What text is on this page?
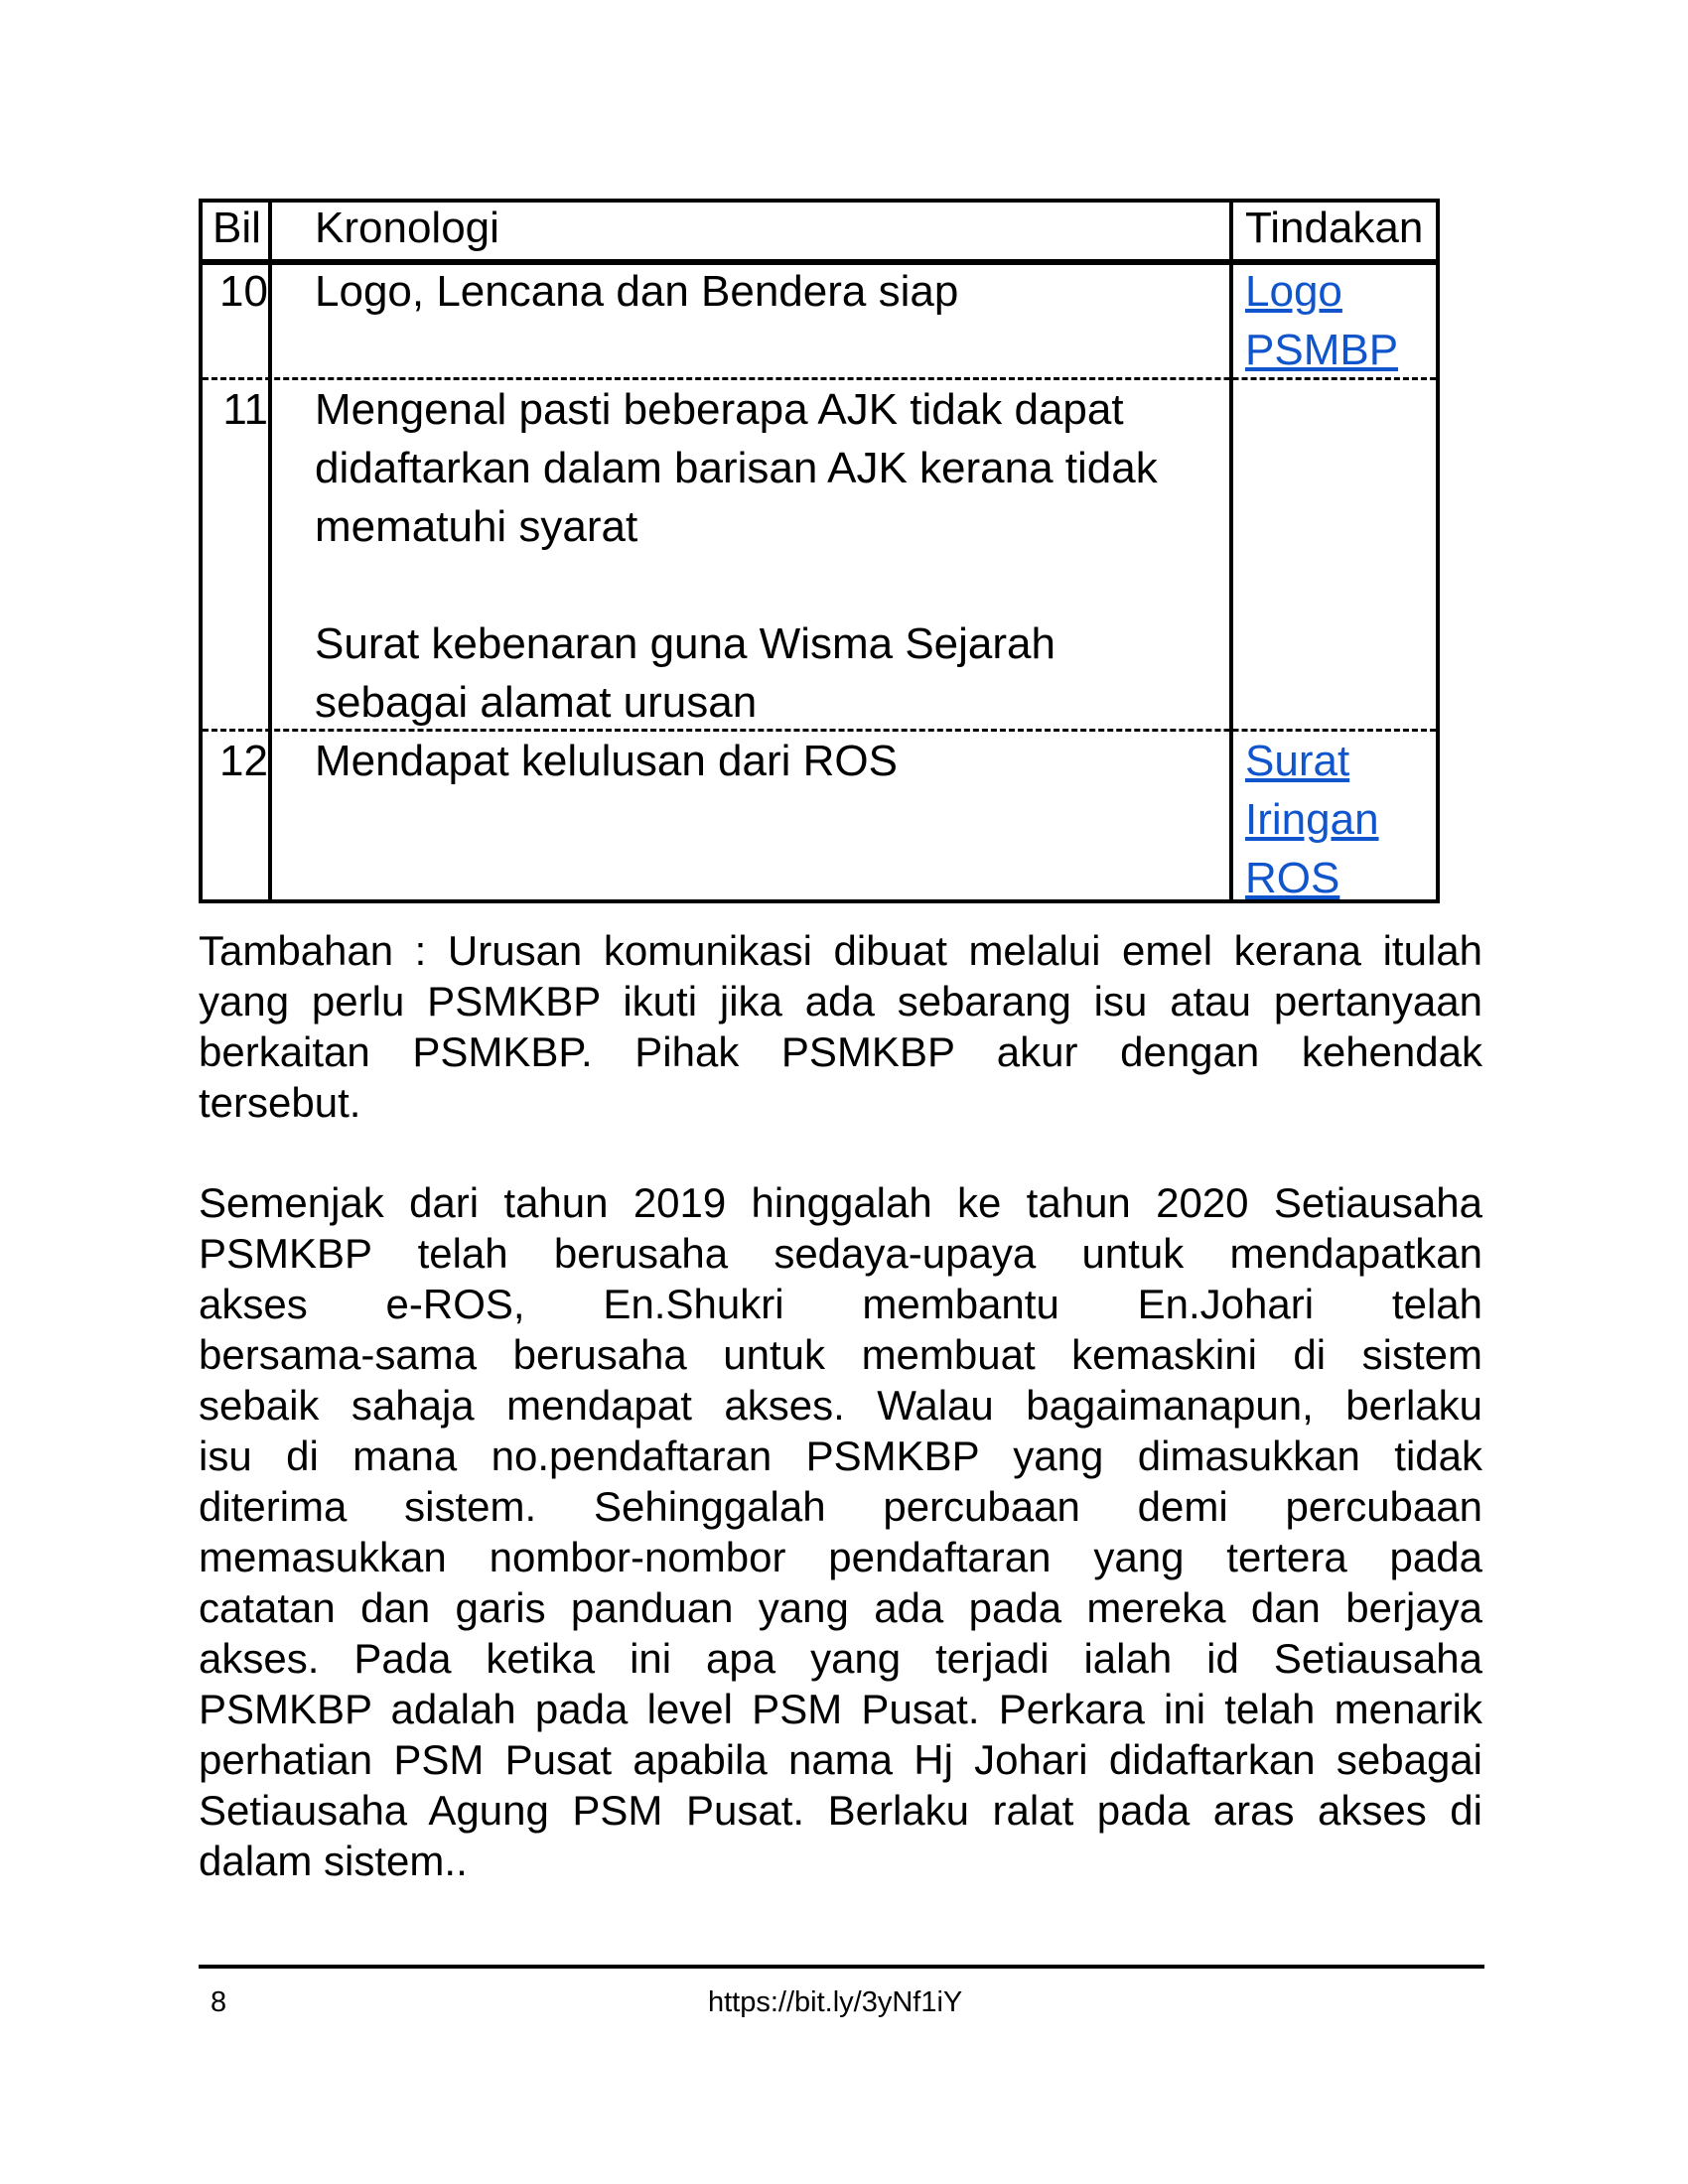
Bil Kronologi	Tindakan
10 Logo, Lencana dan Bendera siap	Logo
PSMBP
11 Mengenal pasti beberapa AJK tidak dapat
didaftarkan dalam barisan AJK kerana tidak
mematuhi syarat
Surat kebenaran guna Wisma Sejarah
sebagai alamat urusan
12 Mendapat kelulusan dari ROS	Surat
Iringan
ROS
Tambahan : Urusan komunikasi dibuat melalui emel kerana itulah
yang perlu PSMKBP ikuti jika ada sebarang isu atau pertanyaan
berkaitan PSMKBP. Pihak PSMKBP akur dengan kehendak
tersebut.
Semenjak dari tahun 2019 hinggalah ke tahun 2020 Setiausaha
PSMKBP telah berusaha sedaya-upaya untuk mendapatkan
akses e-ROS, En.Shukri membantu En.Johari telah
bersama-sama berusaha untuk membuat kemaskini di sistem
sebaik sahaja mendapat akses. Walau bagaimanapun, berlaku
isu di mana no.pendaftaran PSMKBP yang dimasukkan tidak
diterima sistem. Sehinggalah percubaan demi percubaan
memasukkan nombor-nombor pendaftaran yang tertera pada
catatan dan garis panduan yang ada pada mereka dan berjaya
akses. Pada ketika ini apa yang terjadi ialah id Setiausaha
PSMKBP adalah pada level PSM Pusat. Perkara ini telah menarik
perhatian PSM Pusat apabila nama Hj Johari didaftarkan sebagai
Setiausaha Agung PSM Pusat. Berlaku ralat pada aras akses di
dalam sistem..
8	https://bit.ly/3yNf1iY
